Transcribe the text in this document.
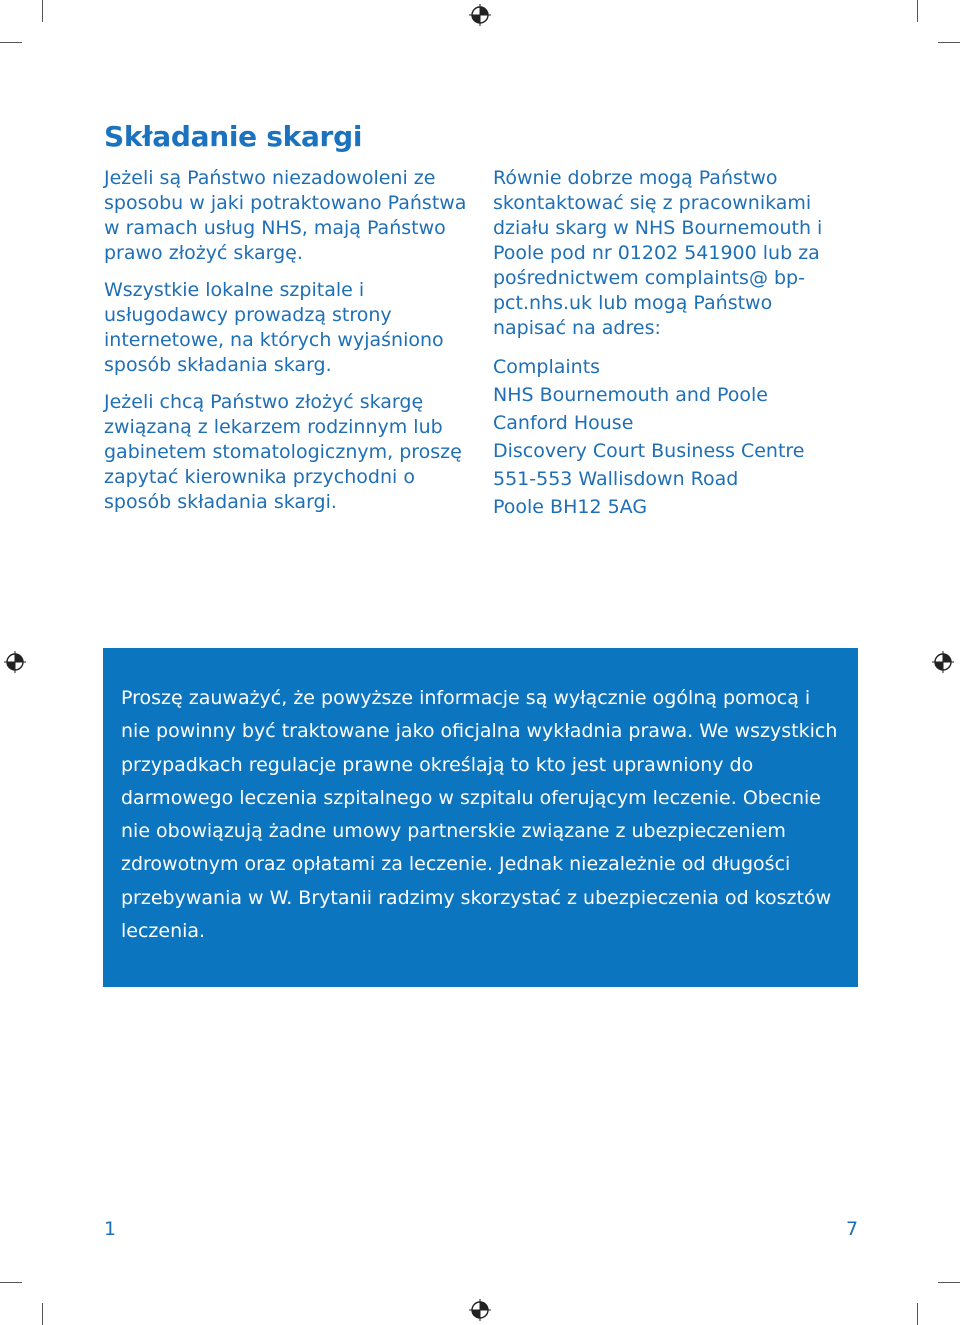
Składanie skargi

Jeżeli są Państwo niezadowoleni ze sposobu w jaki potraktowano Państwa w ramach usług NHS, mają Państwo prawo złożyć skargę.

Wszystkie lokalne szpitale i usługodawcy prowadzą strony internetowe, na których wyjaśniono sposób składania skarg.

Jeżeli chcą Państwo złożyć skargę związaną z lekarzem rodzinnym lub gabinetem stomatologicznym, proszę zapytać kierownika przychodni o sposób składania skargi.

Równie dobrze mogą Państwo skontaktować się z pracownikami działu skarg w NHS Bournemouth i Poole pod nr 01202 541900 lub za pośrednictwem complaints@ bp-pct.nhs.uk lub mogą Państwo napisać na adres:

Complaints
NHS Bournemouth and Poole
Canford House
Discovery Court Business Centre
551-553 Wallisdown Road
Poole BH12 5AG

Proszę zauważyć, że powyższe informacje są wyłącznie ogólną pomocą i nie powinny być traktowane jako oficjalna wykładnia prawa. We wszystkich przypadkach regulacje prawne określają to kto jest uprawniony do darmowego leczenia szpitalnego w szpitalu oferującym leczenie. Obecnie nie obowiązują żadne umowy partnerskie związane z ubezpieczeniem zdrowotnym oraz opłatami za leczenie. Jednak niezależnie od długości przebywania w W. Brytanii radzimy skorzystać z ubezpieczenia od kosztów leczenia.

1	7
